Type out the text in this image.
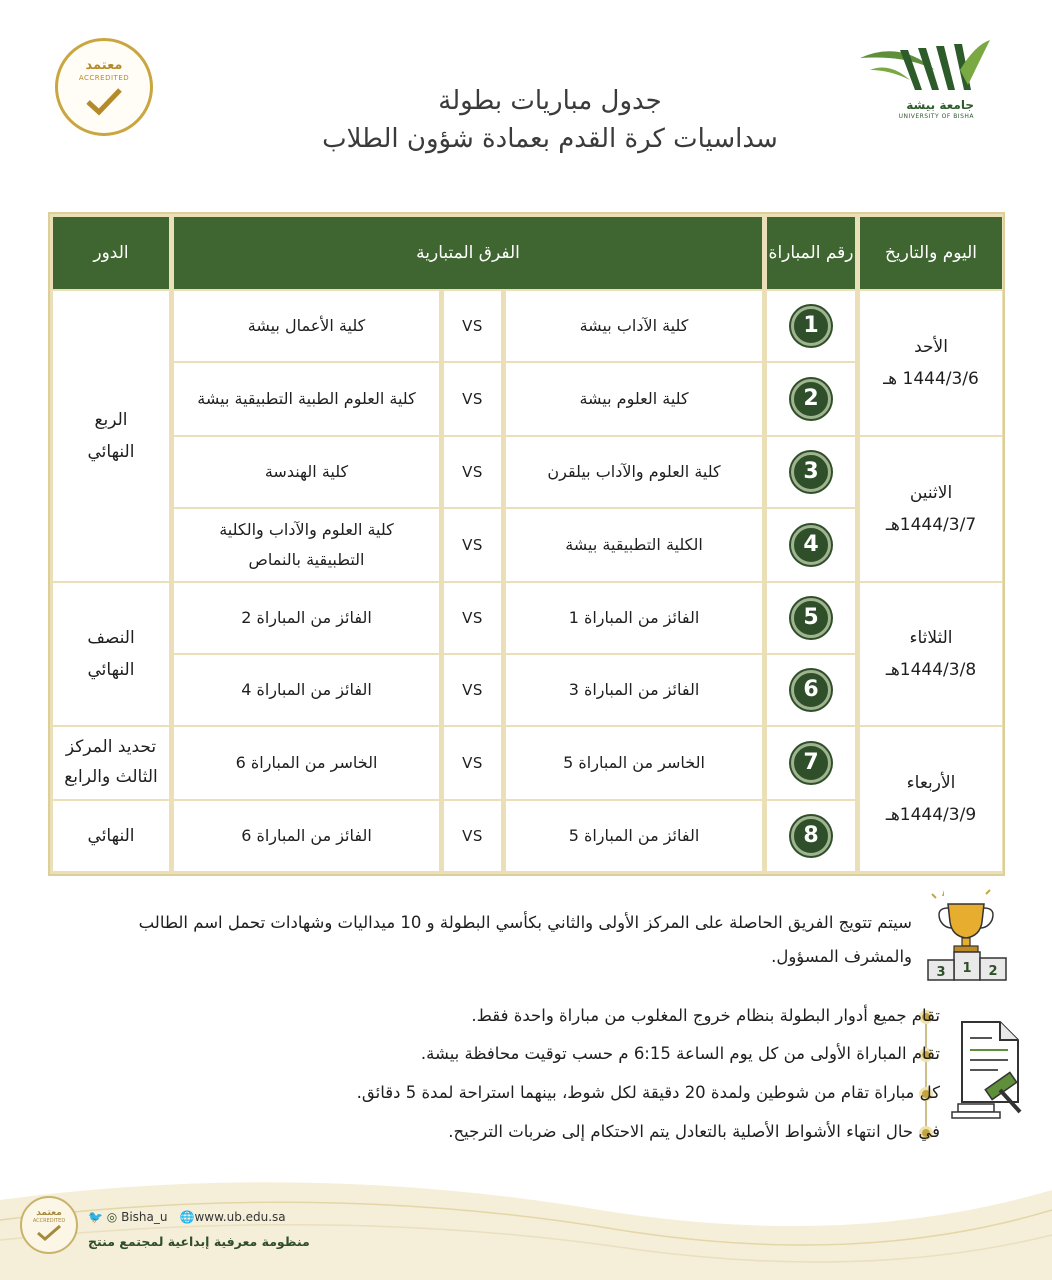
جامعة بيشة
UNIVERSITY OF BISHA
معتمد
ACCREDITED
جدول مباريات بطولة
سداسيات كرة القدم بعمادة شؤون الطلاب
اليوم والتاريخ
رقم المباراة
الفرق المتبارية
الدور
الأحد
1444/3/6 هـ
الاثنين
1444/3/7هـ
الثلاثاء
1444/3/8هـ
الأربعاء
1444/3/9هـ
1
كلية الآداب بيشة
VS
كلية الأعمال بيشة
2
كلية العلوم بيشة
VS
كلية العلوم الطبية التطبيقية بيشة
3
كلية العلوم والآداب بيلقرن
VS
كلية الهندسة
4
الكلية التطبيقية بيشة
VS
كلية العلوم والآداب والكلية التطبيقية بالنماص
5
الفائز من المباراة 1
VS
الفائز من المباراة 2
6
الفائز من المباراة 3
VS
الفائز من المباراة 4
7
الخاسر من المباراة 5
VS
الخاسر من المباراة 6
8
الفائز من المباراة 5
VS
الفائز من المباراة 6
الربع النهائي
النصف النهائي
تحديد المركز الثالث والرابع
النهائي
1
3	2
سيتم تتويج الفريق الحاصلة على المركز الأولى والثاني بكأسي البطولة و 10 ميداليات وشهادات تحمل اسم الطالب والمشرف المسؤول.
تقام جميع أدوار البطولة بنظام خروج المغلوب من مباراة واحدة فقط.
تقام المباراة الأولى من كل يوم الساعة 6:15 م حسب توقيت محافظة بيشة.
كل مباراة تقام من شوطين ولمدة 20 دقيقة لكل شوط، بينهما استراحة لمدة 5 دقائق.
في حال انتهاء الأشواط الأصلية بالتعادل يتم الاحتكام إلى ضربات الترجيح.
معتمد
ACCREDITED 🐦 ◎ Bisha_u 🌐www.ub.edu.sa
منظومة معرفية إبداعية لمجتمع منتج
